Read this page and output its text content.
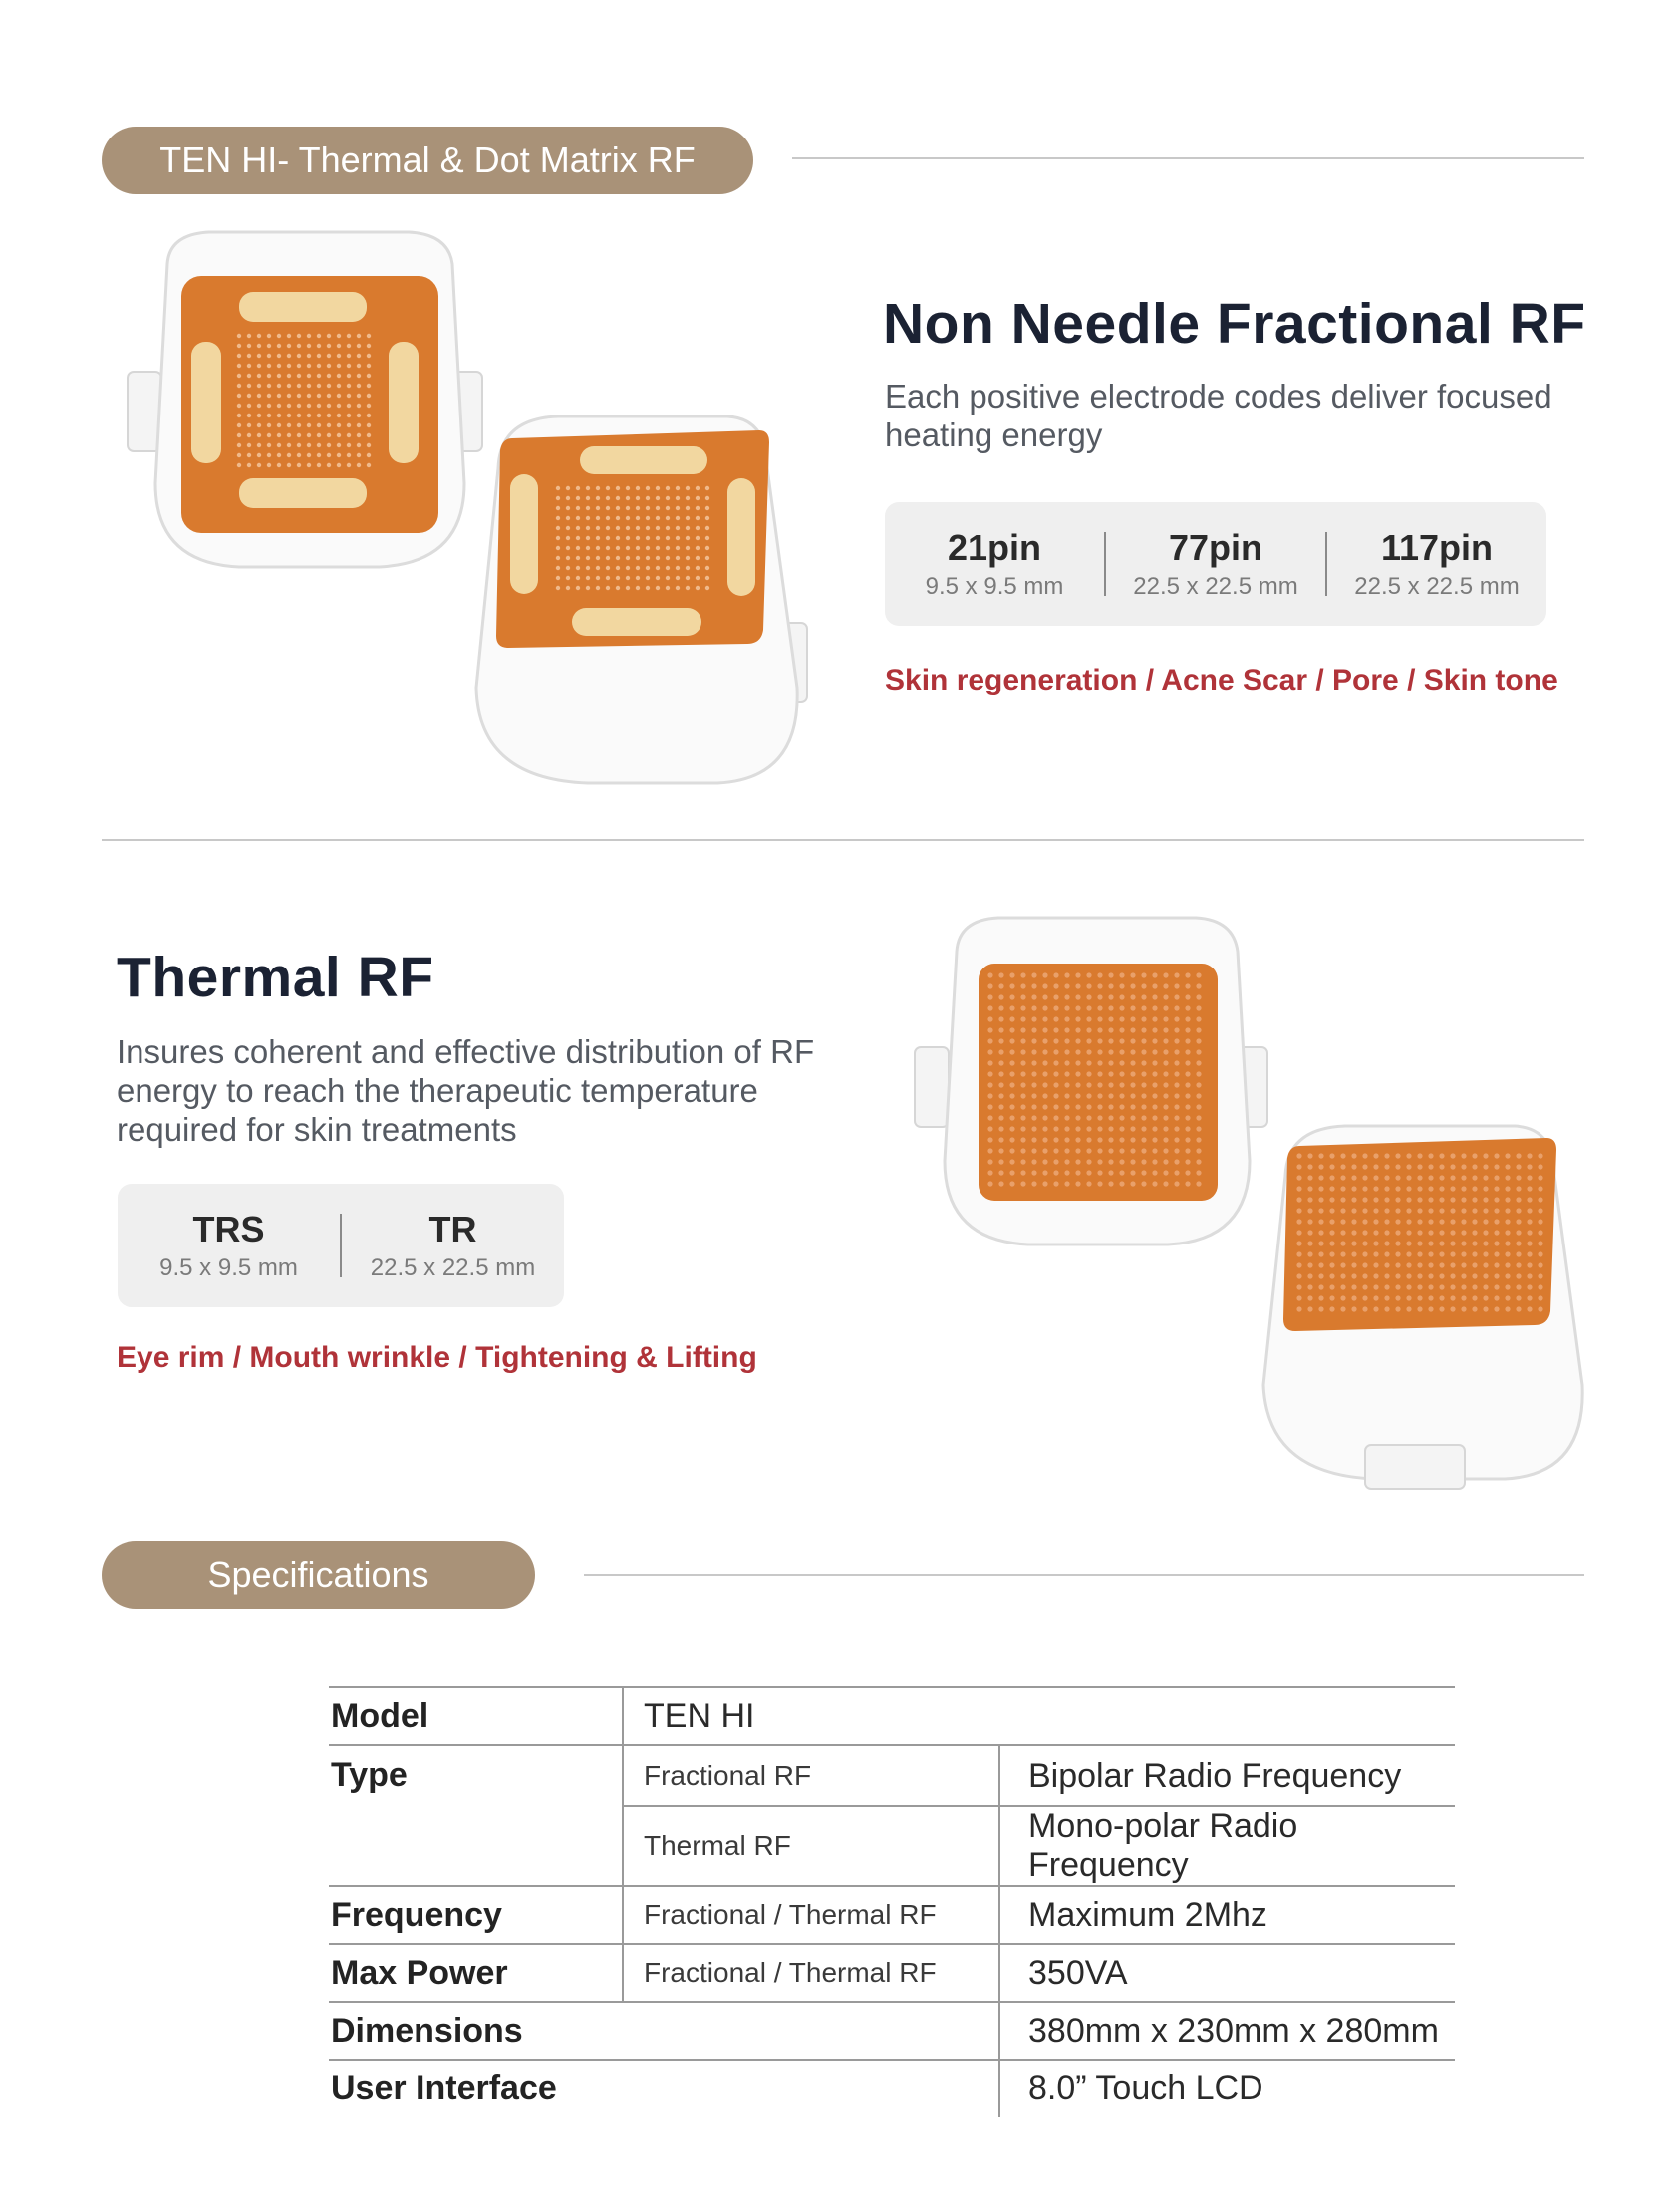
TEN HI- Thermal & Dot Matrix RF
Non Needle Fractional RF
Each positive electrode codes deliver focused heating energy
21pin
9.5 x 9.5 mm
77pin
22.5 x 22.5 mm
117pin
22.5 x 22.5 mm
Skin regeneration / Acne Scar / Pore / Skin tone
Thermal RF
Insures coherent and effective distribution of RF energy to reach the therapeutic temperature required for skin treatments
TRS
9.5 x 9.5 mm
TR
22.5 x 22.5 mm
Eye rim / Mouth wrinkle / Tightening & Lifting
Specifications
Model	TEN HI	
Type	Fractional RF	Bipolar Radio Frequency
	Thermal RF	Mono-polar Radio Frequency
Frequency	Fractional / Thermal RF	Maximum 2Mhz
Max Power	Fractional / Thermal RF	350VA
Dimensions		380mm x 230mm x 280mm
User Interface		8.0” Touch LCD
